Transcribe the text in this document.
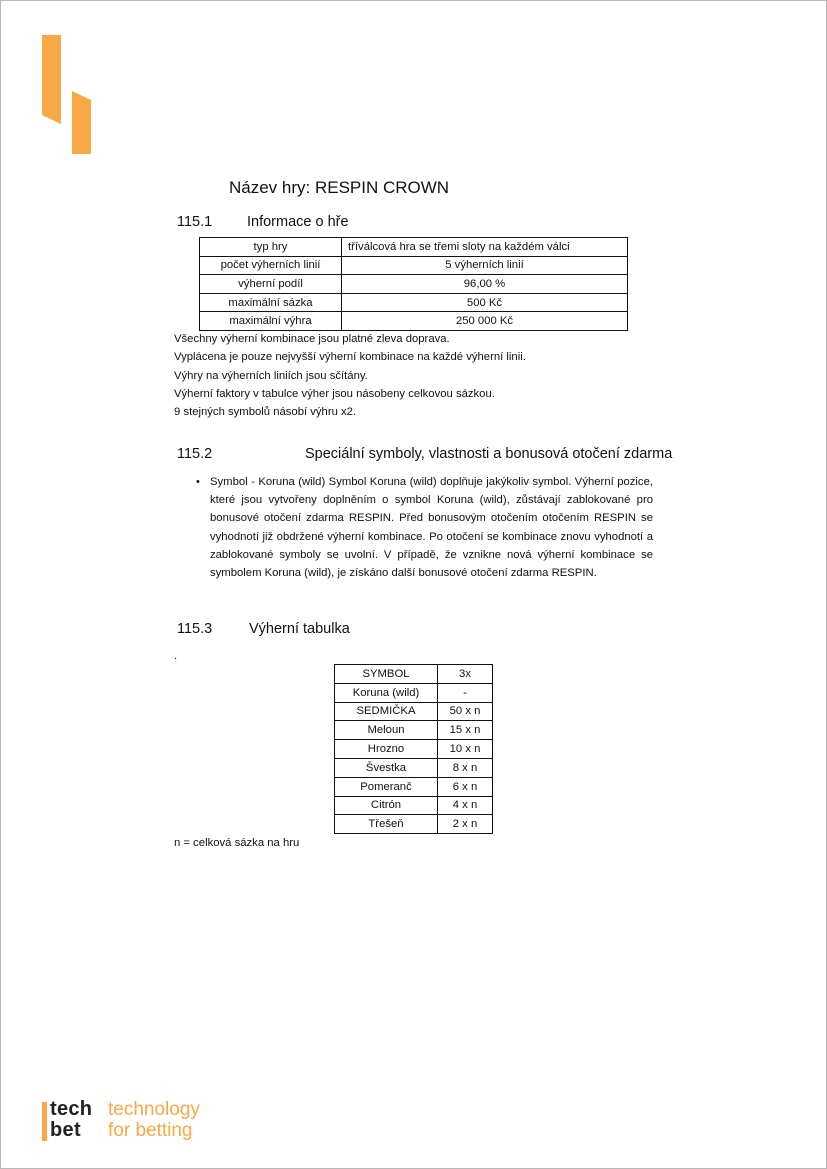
Název hry: RESPIN CROWN
115.1 Informace o hře
typ hry	tříválcová hra se třemi sloty na každém válci
počet výherních linií	5 výherních linií
výherní podíl	96,00 %
maximální sázka	500 Kč
maximální výhra	250 000 Kč
Všechny výherní kombinace jsou platné zleva doprava.
Vyplácena je pouze nejvyšší výherní kombinace na každé výherní linii.
Výhry na výherních liniích jsou sčítány.
Výherní faktory v tabulce výher jsou násobeny celkovou sázkou.
9 stejných symbolů násobí výhru x2.
115.2	Speciální symboly, vlastnosti a bonusová otočení zdarma
• Symbol - Koruna (wild) Symbol Koruna (wild) doplňuje jakýkoliv symbol. Výherní pozice, které jsou vytvořeny doplněním o symbol Koruna (wild), zůstávají zablokované pro bonusové otočení zdarma RESPIN. Před bonusovým otočením otočením RESPIN se vyhodnotí již obdržené výherní kombinace. Po otočení se kombinace znovu vyhodnotí a zablokované symboly se uvolní. V případě, že vznikne nová výherní kombinace se symbolem Koruna (wild), je získáno další bonusové otočení zdarma RESPIN.
115.3	Výherní tabulka
.
SYMBOL	3x
Koruna (wild)	-
SEDMIČKA	50 x n
Meloun	15 x n
Hrozno	10 x n
Švestka	8 x n
Pomeranč	6 x n
Citrón	4 x n
Třešeň	2 x n
n = celková sázka na hru
tech
bet
technology
for betting
